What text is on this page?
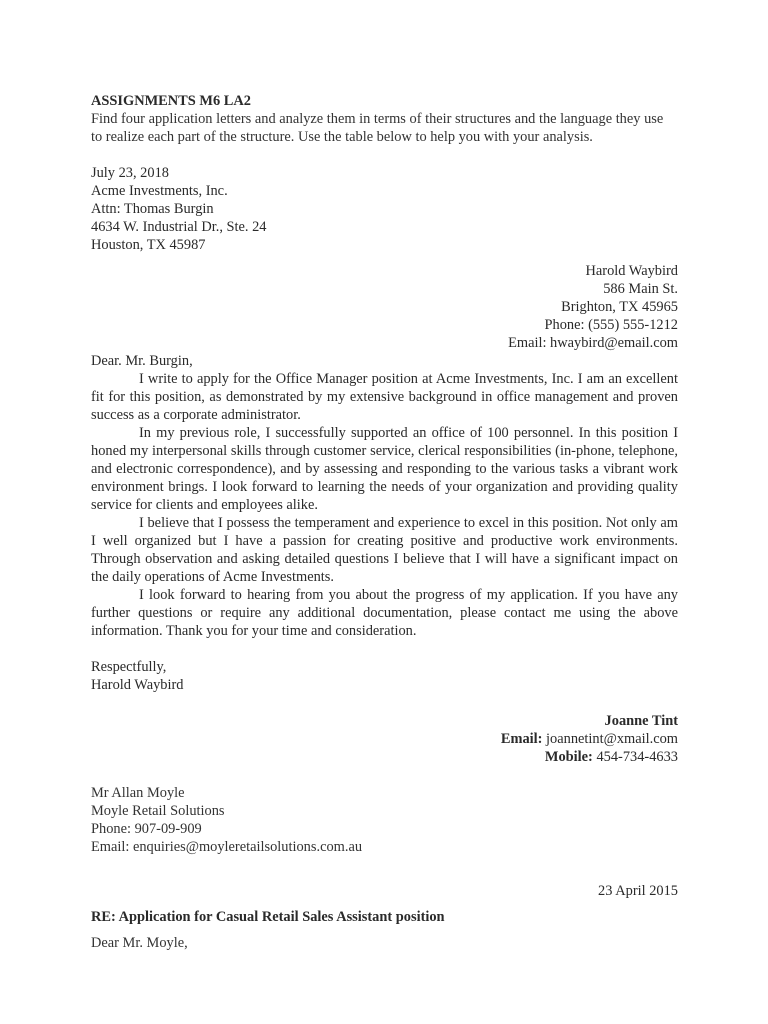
ASSIGNMENTS M6 LA2

Find four application letters and analyze them in terms of their structures and the language they use to realize each part of the structure. Use the table below to help you with your analysis.

July 23, 2018

Acme Investments, Inc.

Attn: Thomas Burgin

4634 W. Industrial Dr., Ste. 24

Houston, TX 45987

Harold Waybird

586 Main St.

Brighton, TX 45965

Phone: (555) 555-1212

Email: hwaybird@email.com

Dear. Mr. Burgin,

I write to apply for the Office Manager position at Acme Investments, Inc. I am an excellent fit for this position, as demonstrated by my extensive background in office management and proven success as a corporate administrator.

In my previous role, I successfully supported an office of 100 personnel. In this position I honed my interpersonal skills through customer service, clerical responsibilities (in-phone, telephone, and electronic correspondence), and by assessing and responding to the various tasks a vibrant work environment brings. I look forward to learning the needs of your organization and providing quality service for clients and employees alike.

I believe that I possess the temperament and experience to excel in this position. Not only am I well organized but I have a passion for creating positive and productive work environments. Through observation and asking detailed questions I believe that I will have a significant impact on the daily operations of Acme Investments.

I look forward to hearing from you about the progress of my application. If you have any further questions or require any additional documentation, please contact me using the above information. Thank you for your time and consideration.

Respectfully,

Harold Waybird

Joanne Tint

Email: joannetint@xmail.com

Mobile: 454-734-4633

Mr Allan Moyle

Moyle Retail Solutions

Phone: 907-09-909

Email: enquiries@moyleretailsolutions.com.au

23 April 2015

RE: Application for Casual Retail Sales Assistant position

Dear Mr. Moyle,
